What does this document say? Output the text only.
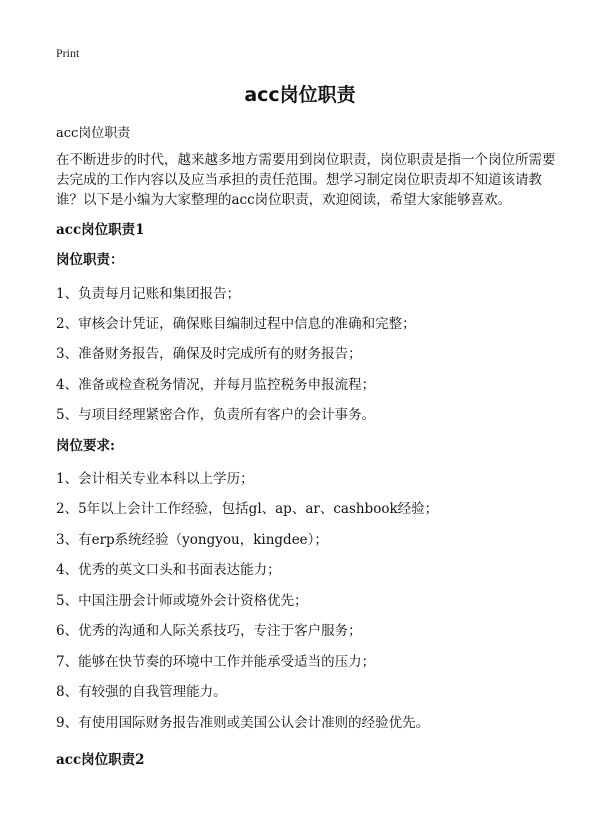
Print
acc岗位职责

acc岗位职责

在不断进步的时代，越来越多地方需要用到岗位职责，岗位职责是指一个岗位所需要去完成的工作内容以及应当承担的责任范围。想学习制定岗位职责却不知道该请教谁？以下是小编为大家整理的acc岗位职责，欢迎阅读，希望大家能够喜欢。

acc岗位职责1

岗位职责：

1、负责每月记账和集团报告；

2、审核会计凭证，确保账目编制过程中信息的准确和完整；

3、准备财务报告，确保及时完成所有的财务报告；

4、准备或检查税务情况，并每月监控税务申报流程；

5、与项目经理紧密合作，负责所有客户的会计事务。

岗位要求:

1、会计相关专业本科以上学历；

2、5年以上会计工作经验，包括gl、ap、ar、cashbook经验；

3、有erp系统经验（yongyou，kingdee）；

4、优秀的英文口头和书面表达能力；

5、中国注册会计师或境外会计资格优先；

6、优秀的沟通和人际关系技巧，专注于客户服务；

7、能够在快节奏的环境中工作并能承受适当的压力；

8、有较强的自我管理能力。

9、有使用国际财务报告准则或美国公认会计准则的经验优先。

acc岗位职责2
